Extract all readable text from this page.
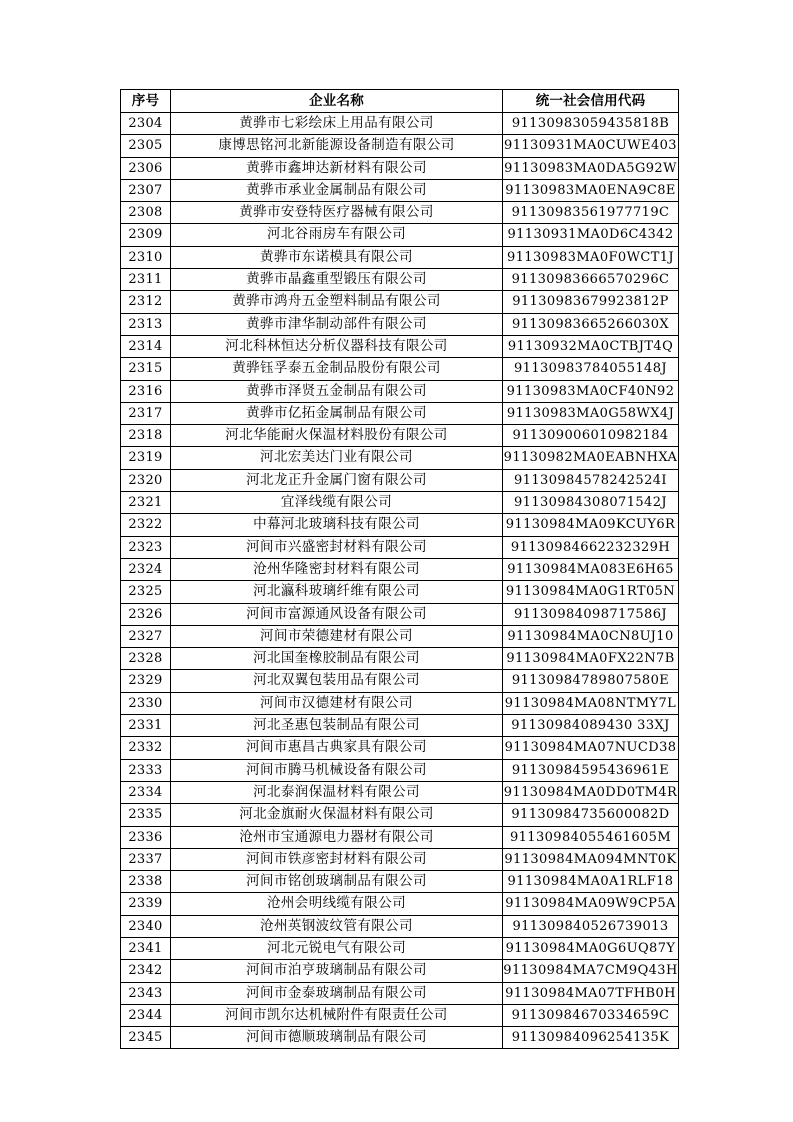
序号	企业名称	统一社会信用代码
2304	黄骅市七彩绘床上用品有限公司	91130983059435818B
2305	康博思铭河北新能源设备制造有限公司	91130931MA0CUWE403
2306	黄骅市鑫坤达新材料有限公司	91130983MA0DA5G92W
2307	黄骅市承业金属制品有限公司	91130983MA0ENA9C8E
2308	黄骅市安登特医疗器械有限公司	91130983561977719C
2309	河北谷雨房车有限公司	91130931MA0D6C4342
2310	黄骅市东诺模具有限公司	91130983MA0F0WCT1J
2311	黄骅市晶鑫重型锻压有限公司	91130983666570296C
2312	黄骅市鸿舟五金塑料制品有限公司	91130983679923812P
2313	黄骅市津华制动部件有限公司	91130983665266030X
2314	河北科林恒达分析仪器科技有限公司	91130932MA0CTBJT4Q
2315	黄骅钰孚泰五金制品股份有限公司	91130983784055148J
2316	黄骅市泽贤五金制品有限公司	91130983MA0CF40N92
2317	黄骅市亿拓金属制品有限公司	91130983MA0G58WX4J
2318	河北华能耐火保温材料股份有限公司	911309006010982184
2319	河北宏美达门业有限公司	91130982MA0EABNHXA
2320	河北龙正升金属门窗有限公司	91130984578242524I
2321	宜泽线缆有限公司	91130984308071542J
2322	中幕河北玻璃科技有限公司	91130984MA09KCUY6R
2323	河间市兴盛密封材料有限公司	91130984662232329H
2324	沧州华隆密封材料有限公司	91130984MA083E6H65
2325	河北瀛科玻璃纤维有限公司	91130984MA0G1RT05N
2326	河间市富源通风设备有限公司	91130984098717586J
2327	河间市荣德建材有限公司	91130984MA0CN8UJ10
2328	河北国奎橡胶制品有限公司	91130984MA0FX22N7B
2329	河北双翼包装用品有限公司	91130984789807580E
2330	河间市汉德建材有限公司	91130984MA08NTMY7L
2331	河北圣惠包装制品有限公司	91130984089430 33XJ
2332	河间市惠昌古典家具有限公司	91130984MA07NUCD38
2333	河间市腾马机械设备有限公司	91130984595436961E
2334	河北泰润保温材料有限公司	91130984MA0DD0TM4R
2335	河北金旗耐火保温材料有限公司	91130984735600082D
2336	沧州市宝通源电力器材有限公司	91130984055461605M
2337	河间市铁彦密封材料有限公司	91130984MA094MNT0K
2338	河间市铭创玻璃制品有限公司	91130984MA0A1RLF18
2339	沧州会明线缆有限公司	91130984MA09W9CP5A
2340	沧州英钢波纹管有限公司	911309840526739013
2341	河北元锐电气有限公司	91130984MA0G6UQ87Y
2342	河间市泊亨玻璃制品有限公司	91130984MA7CM9Q43H
2343	河间市金泰玻璃制品有限公司	91130984MA07TFHB0H
2344	河间市凯尔达机械附件有限责任公司	91130984670334659C
2345	河间市德顺玻璃制品有限公司	91130984096254135K
